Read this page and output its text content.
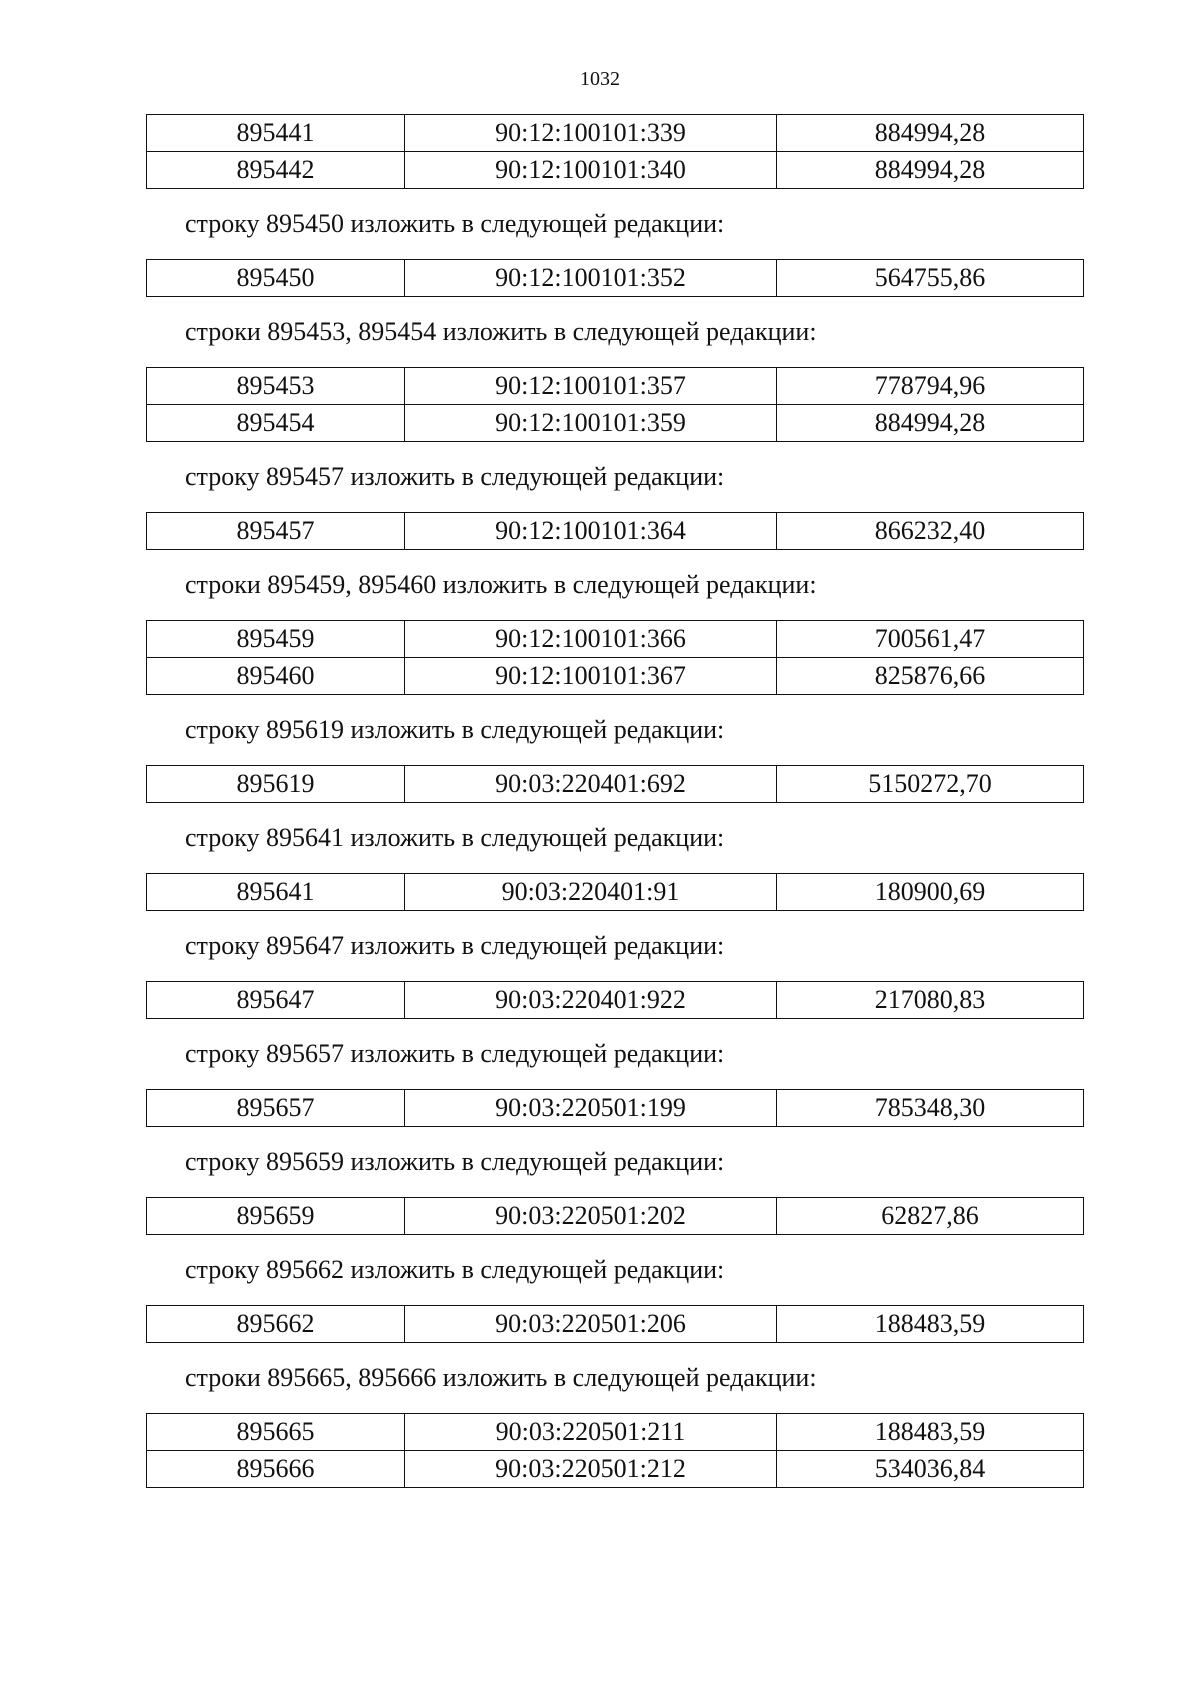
1032
895441	90:12:100101:339	884994,28
895442	90:12:100101:340	884994,28

строку 895450 изложить в следующей редакции:

895450	90:12:100101:352	564755,86

строки 895453, 895454 изложить в следующей редакции:

895453	90:12:100101:357	778794,96
895454	90:12:100101:359	884994,28

строку 895457 изложить в следующей редакции:

895457	90:12:100101:364	866232,40

строки 895459, 895460 изложить в следующей редакции:

895459	90:12:100101:366	700561,47
895460	90:12:100101:367	825876,66

строку 895619 изложить в следующей редакции:

895619	90:03:220401:692	5150272,70

строку 895641 изложить в следующей редакции:

895641	90:03:220401:91	180900,69

строку 895647 изложить в следующей редакции:

895647	90:03:220401:922	217080,83

строку 895657 изложить в следующей редакции:

895657	90:03:220501:199	785348,30

строку 895659 изложить в следующей редакции:

895659	90:03:220501:202	62827,86

строку 895662 изложить в следующей редакции:

895662	90:03:220501:206	188483,59

строки 895665, 895666 изложить в следующей редакции:

895665	90:03:220501:211	188483,59
895666	90:03:220501:212	534036,84
